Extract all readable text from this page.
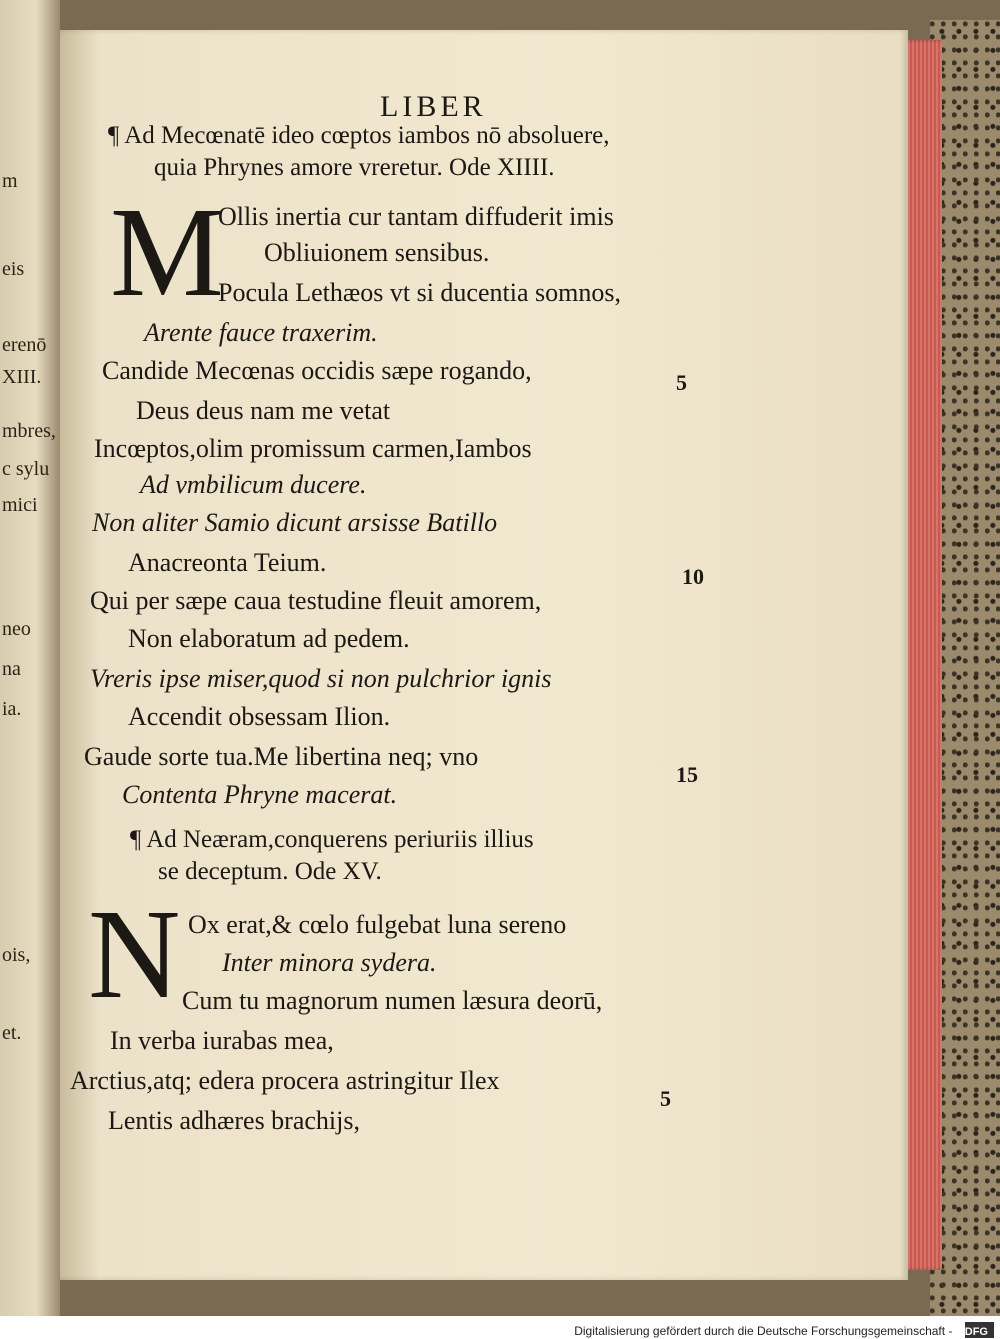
m
eis
erenō
XIII.
mbres,
c sylu
mici
neo
na
ia.
ois,
et.
LIBER
¶ Ad Mecœnatē ideo cœptos iambos nō absoluere,
quia Phrynes amore vreretur. Ode XIIII.
M
Ollis inertia cur tantam diffuderit imis
Obliuionem sensibus.
Pocula Lethæos vt si ducentia somnos,
Arente fauce traxerim.
Candide Mecœnas occidis sæpe rogando,
Deus deus nam me vetat
Incœptos,olim promissum carmen,Iambos
Ad vmbilicum ducere.
Non aliter Samio dicunt arsisse Batillo
Anacreonta Teium.
Qui per sæpe caua testudine fleuit amorem,
Non elaboratum ad pedem.
Vreris ipse miser,quod si non pulchrior ignis
Accendit obsessam Ilion.
Gaude sorte tua.Me libertina neq; vno
Contenta Phryne macerat.
5
10
15
¶ Ad Neæram,conquerens periuriis illius
se deceptum. Ode XV.
N Ox erat,& cœlo fulgebat luna sereno
Inter minora sydera.
Cum tu magnorum numen læsura deorū,
In verba iurabas mea,
Arctius,atq; edera procera astringitur Ilex
Lentis adhæres brachijs,
5
Digitalisierung gefördert durch die Deutsche Forschungsgemeinschaft - DFG
